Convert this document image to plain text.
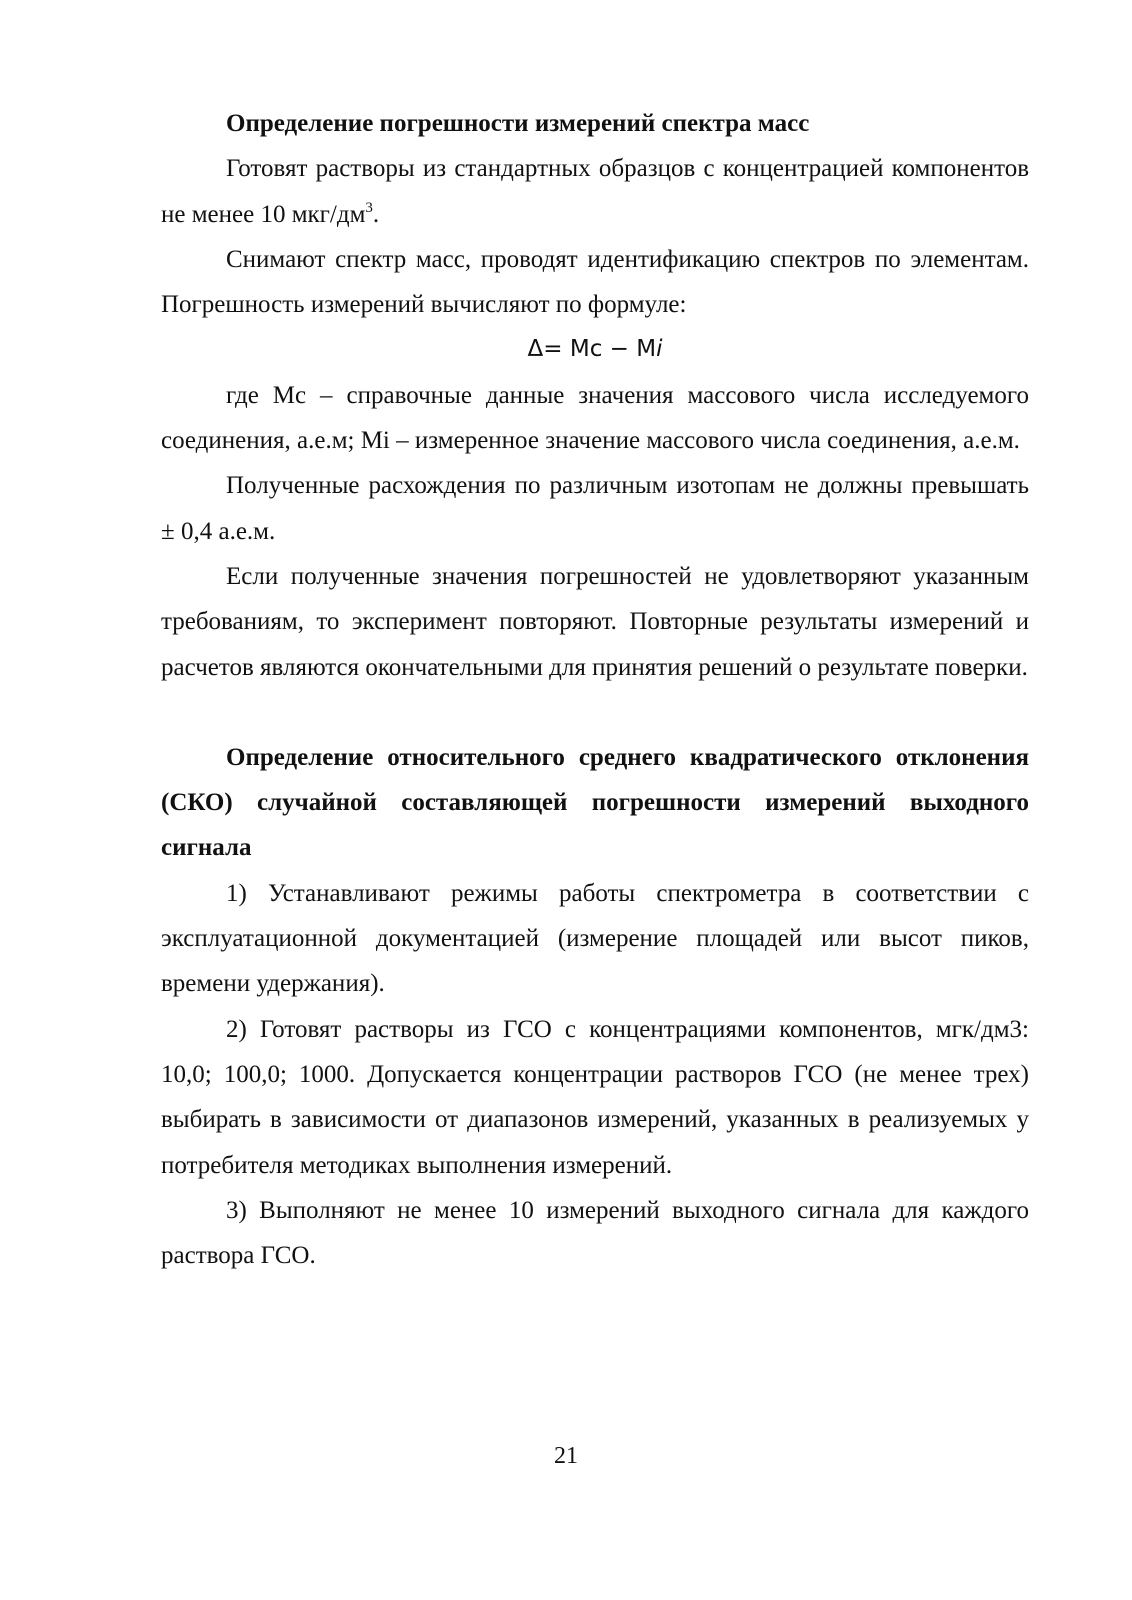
Определение погрешности измерений спектра масс

Готовят растворы из стандартных образцов с концентрацией компонентов не менее 10 мкг/$дм^3$.

Снимают спектр масс, проводят идентификацию спектров по элементам. Погрешность измерений вычисляют по формуле:

Δ= Mc − Mi

где Мс – справочные данные значения массового числа исследуемого соединения, а.е.м; Мi – измеренное значение массового числа соединения, а.е.м.

Полученные расхождения по различным изотопам не должны превышать ± 0,4 а.е.м.

Если полученные значения погрешностей не удовлетворяют указанным требованиям, то эксперимент повторяют. Повторные результаты измерений и расчетов являются окончательными для принятия решений о результате поверки.

Определение относительного среднего квадратического отклонения (СКО) случайной составляющей погрешности измерений выходного сигнала

1) Устанавливают режимы работы спектрометра в соответствии с эксплуатационной документацией (измерение площадей или высот пиков, времени удержания).

2) Готовят растворы из ГСО с концентрациями компонентов, мгк/дм3: 10,0; 100,0; 1000. Допускается концентрации растворов ГСО (не менее трех) выбирать в зависимости от диапазонов измерений, указанных в реализуемых у потребителя методиках выполнения измерений.

3) Выполняют не менее 10 измерений выходного сигнала для каждого раствора ГСО.

21
